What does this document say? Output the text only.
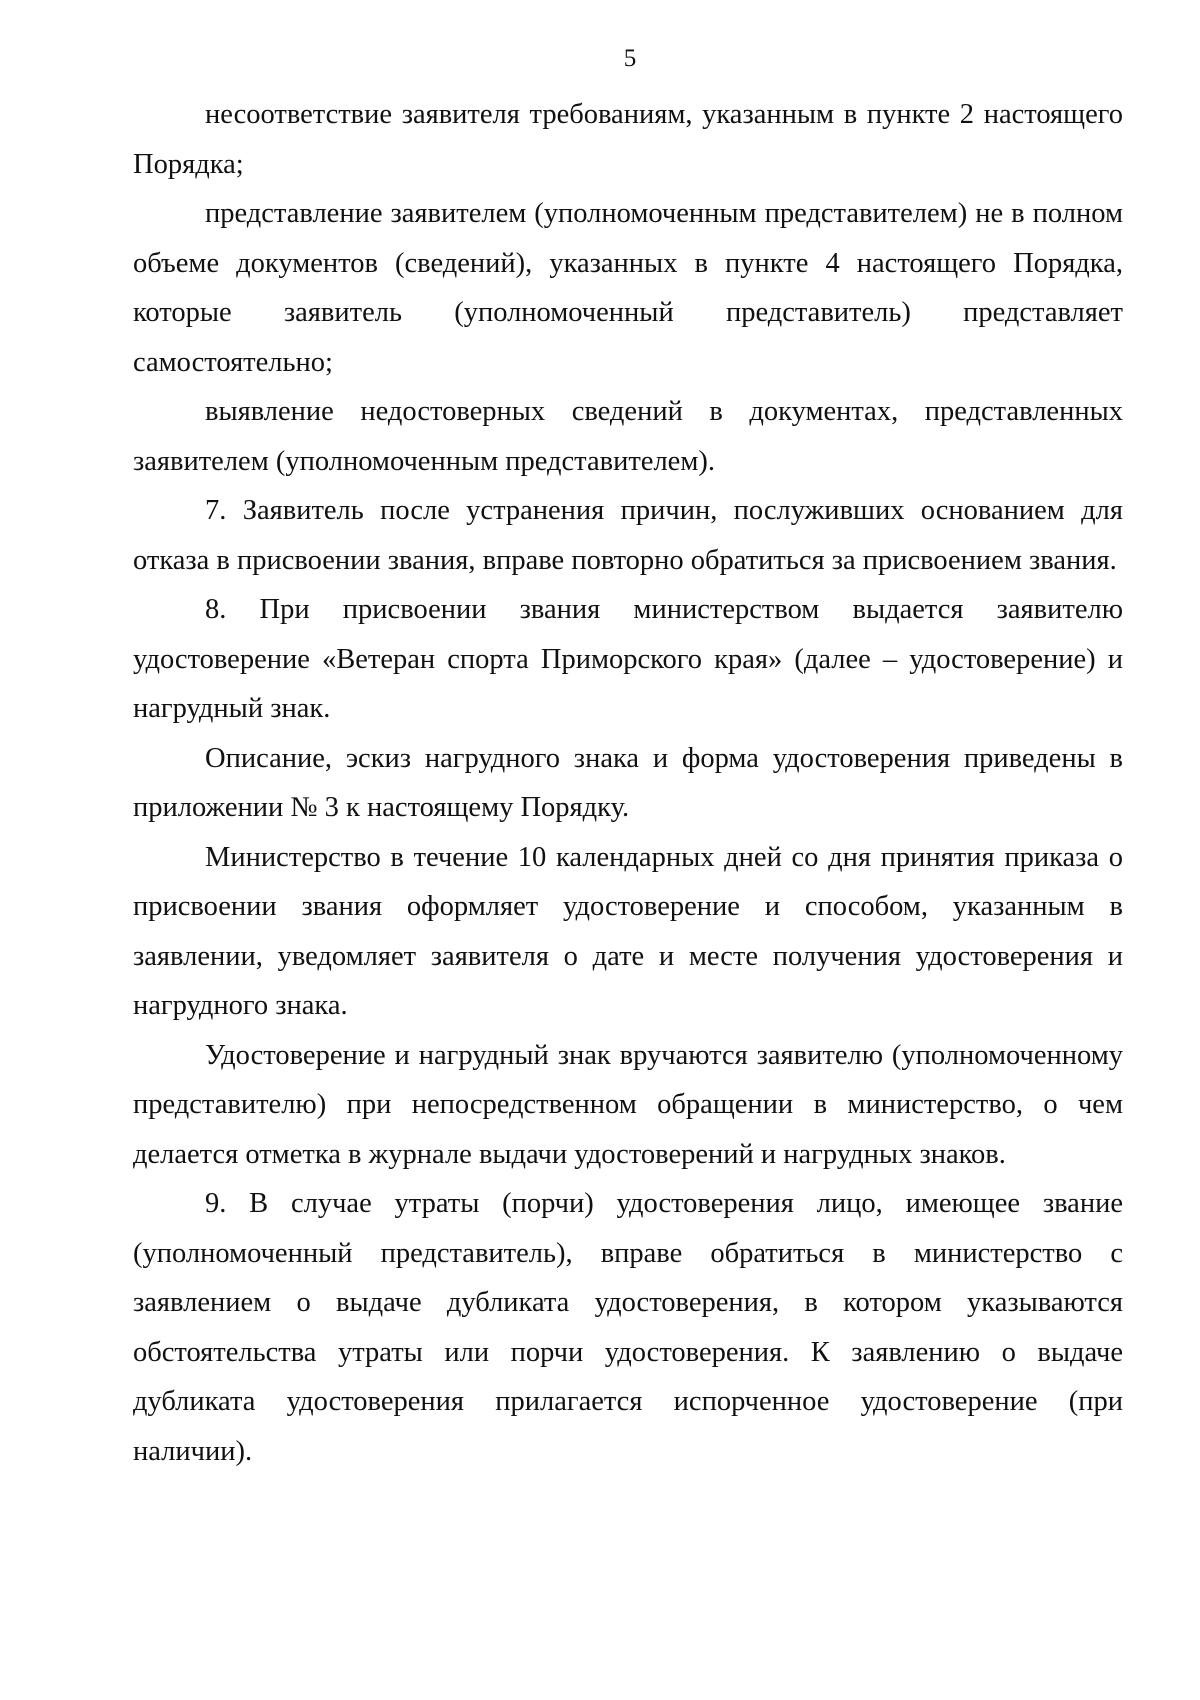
5

несоответствие заявителя требованиям, указанным в пункте 2 настоящего Порядка;

представление заявителем (уполномоченным представителем) не в полном объеме документов (сведений), указанных в пункте 4 настоящего Порядка, которые заявитель (уполномоченный представитель) представляет самостоятельно;

выявление недостоверных сведений в документах, представленных заявителем (уполномоченным представителем).

7. Заявитель после устранения причин, послуживших основанием для отказа в присвоении звания, вправе повторно обратиться за присвоением звания.

8. При присвоении звания министерством выдается заявителю удостоверение «Ветеран спорта Приморского края» (далее – удостоверение) и нагрудный знак.

Описание, эскиз нагрудного знака и форма удостоверения приведены в приложении № 3 к настоящему Порядку.

Министерство в течение 10 календарных дней со дня принятия приказа о присвоении звания оформляет удостоверение и способом, указанным в заявлении, уведомляет заявителя о дате и месте получения удостоверения и нагрудного знака.

Удостоверение и нагрудный знак вручаются заявителю (уполномоченному представителю) при непосредственном обращении в министерство, о чем делается отметка в журнале выдачи удостоверений и нагрудных знаков.

9. В случае утраты (порчи) удостоверения лицо, имеющее звание (уполномоченный представитель), вправе обратиться в министерство с заявлением о выдаче дубликата удостоверения, в котором указываются обстоятельства утраты или порчи удостоверения. К заявлению о выдаче дубликата удостоверения прилагается испорченное удостоверение (при наличии).
